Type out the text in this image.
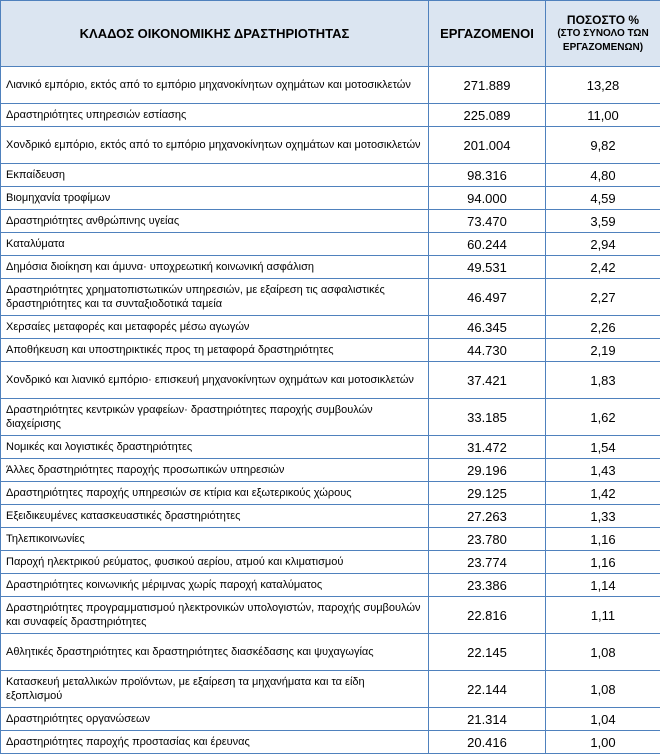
ΚΛΑΔΟΣ ΟΙΚΟΝΟΜΙΚΗΣ ΔΡΑΣΤΗΡΙΟΤΗΤΑΣ	ΕΡΓΑΖΟΜΕΝΟΙ	ΠΟΣΟΣΤΟ %
(ΣΤΟ ΣΥΝΟΛΟ ΤΩΝ ΕΡΓΑΖΟΜΕΝΩΝ)

Λιανικό εμπόριο, εκτός από το εμπόριο μηχανοκίνητων οχημάτων και μοτοσικλετών	271.889	13,28
Δραστηριότητες υπηρεσιών εστίασης	225.089	11,00
Χονδρικό εμπόριο, εκτός από το εμπόριο μηχανοκίνητων οχημάτων και μοτοσικλετών	201.004	9,82
Εκπαίδευση	98.316	4,80
Βιομηχανία τροφίμων	94.000	4,59
Δραστηριότητες ανθρώπινης υγείας	73.470	3,59
Καταλύματα	60.244	2,94
Δημόσια διοίκηση και άμυνα· υποχρεωτική κοινωνική ασφάλιση	49.531	2,42
Δραστηριότητες χρηματοπιστωτικών υπηρεσιών, με εξαίρεση τις ασφαλιστικές δραστηριότητες και τα συνταξιοδοτικά ταμεία	46.497	2,27
Χερσαίες μεταφορές και μεταφορές μέσω αγωγών	46.345	2,26
Αποθήκευση και υποστηρικτικές προς τη μεταφορά δραστηριότητες	44.730	2,19
Χονδρικό και λιανικό εμπόριο· επισκευή μηχανοκίνητων οχημάτων και μοτοσικλετών	37.421	1,83
Δραστηριότητες κεντρικών γραφείων· δραστηριότητες παροχής συμβουλών διαχείρισης	33.185	1,62
Νομικές και λογιστικές δραστηριότητες	31.472	1,54
Άλλες δραστηριότητες παροχής προσωπικών υπηρεσιών	29.196	1,43
Δραστηριότητες παροχής υπηρεσιών σε κτίρια και εξωτερικούς χώρους	29.125	1,42
Εξειδικευμένες κατασκευαστικές δραστηριότητες	27.263	1,33
Τηλεπικοινωνίες	23.780	1,16
Παροχή ηλεκτρικού ρεύματος, φυσικού αερίου, ατμού και κλιματισμού	23.774	1,16
Δραστηριότητες κοινωνικής μέριμνας χωρίς παροχή καταλύματος	23.386	1,14
Δραστηριότητες προγραμματισμού ηλεκτρονικών υπολογιστών, παροχής συμβουλών και συναφείς δραστηριότητες	22.816	1,11
Αθλητικές δραστηριότητες και δραστηριότητες διασκέδασης και ψυχαγωγίας	22.145	1,08
Κατασκευή μεταλλικών προϊόντων, με εξαίρεση τα μηχανήματα και τα είδη εξοπλισμού	22.144	1,08
Δραστηριότητες οργανώσεων	21.314	1,04
Δραστηριότητες παροχής προστασίας και έρευνας	20.416	1,00
